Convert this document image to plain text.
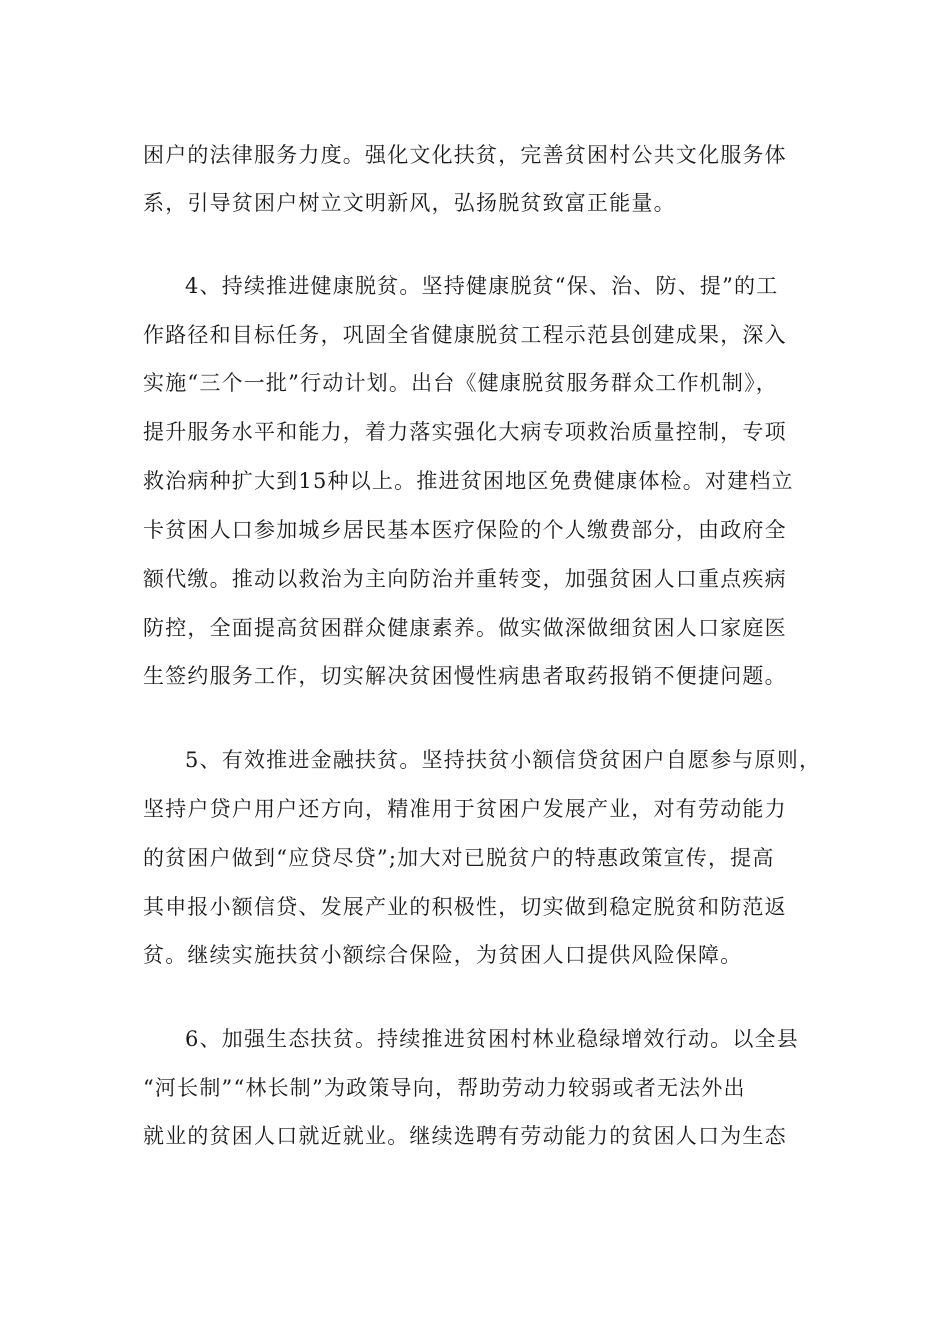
困户的法律服务力度。强化文化扶贫，完善贫困村公共文化服务体
系，引导贫困户树立文明新风，弘扬脱贫致富正能量。
4、持续推进健康脱贫。坚持健康脱贫“保、治、防、提”的工
作路径和目标任务，巩固全省健康脱贫工程示范县创建成果，深入
实施“三个一批”行动计划。出台《健康脱贫服务群众工作机制》，
提升服务水平和能力，着力落实强化大病专项救治质量控制，专项
救治病种扩大到15种以上。推进贫困地区免费健康体检。对建档立
卡贫困人口参加城乡居民基本医疗保险的个人缴费部分，由政府全
额代缴。推动以救治为主向防治并重转变，加强贫困人口重点疾病
防控，全面提高贫困群众健康素养。做实做深做细贫困人口家庭医
生签约服务工作，切实解决贫困慢性病患者取药报销不便捷问题。
5、有效推进金融扶贫。坚持扶贫小额信贷贫困户自愿参与原则，
坚持户贷户用户还方向，精准用于贫困户发展产业，对有劳动能力
的贫困户做到“应贷尽贷”;加大对已脱贫户的特惠政策宣传，提高
其申报小额信贷、发展产业的积极性，切实做到稳定脱贫和防范返
贫。继续实施扶贫小额综合保险，为贫困人口提供风险保障。
6、加强生态扶贫。持续推进贫困村林业稳绿增效行动。以全县
“河长制”“林长制”为政策导向，帮助劳动力较弱或者无法外出
就业的贫困人口就近就业。继续选聘有劳动能力的贫困人口为生态
